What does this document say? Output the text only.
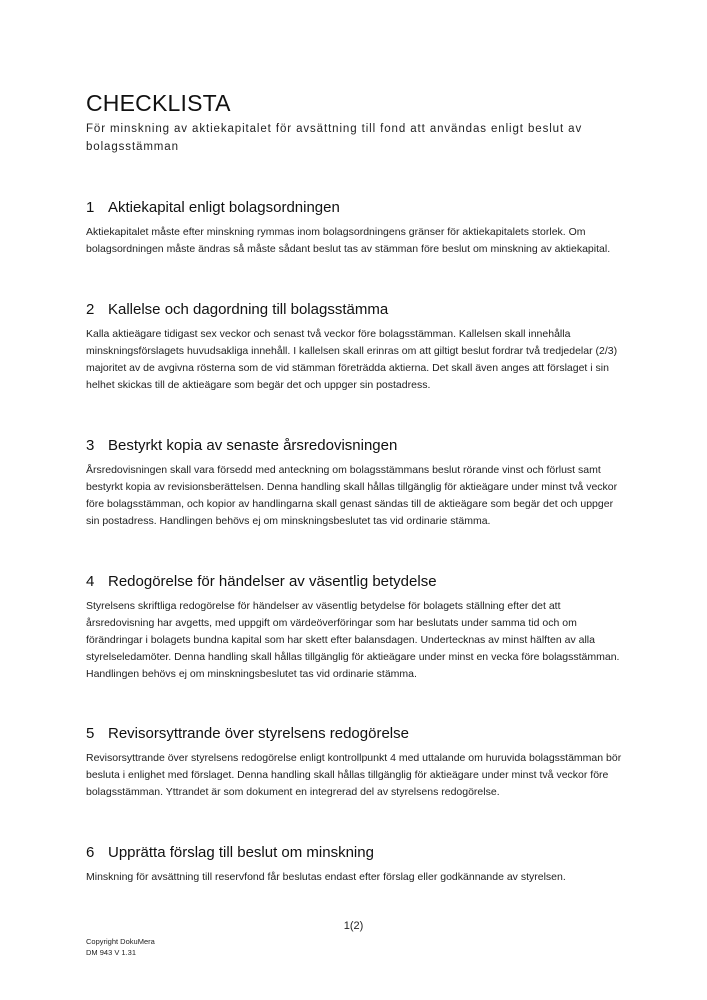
CHECKLISTA

För minskning av aktiekapitalet för avsättning till fond att användas enligt beslut av bolagsstämman

1 Aktiekapital enligt bolagsordningen

Aktiekapitalet måste efter minskning rymmas inom bolagsordningens gränser för aktiekapitalets storlek. Om bolagsordningen måste ändras så måste sådant beslut tas av stämman före beslut om minskning av aktiekapital.

2 Kallelse och dagordning till bolagsstämma

Kalla aktieägare tidigast sex veckor och senast två veckor före bolagsstämman. Kallelsen skall innehålla minskningsförslagets huvudsakliga innehåll. I kallelsen skall erinras om att giltigt beslut fordrar två tredjedelar (2/3) majoritet av de avgivna rösterna som de vid stämman företrädda aktierna. Det skall även anges att förslaget i sin helhet skickas till de aktieägare som begär det och uppger sin postadress.

3 Bestyrkt kopia av senaste årsredovisningen

Årsredovisningen skall vara försedd med anteckning om bolagsstämmans beslut rörande vinst och förlust samt bestyrkt kopia av revisionsberättelsen. Denna handling skall hållas tillgänglig för aktieägare under minst två veckor före bolagsstämman, och kopior av handlingarna skall genast sändas till de aktieägare som begär det och uppger sin postadress. Handlingen behövs ej om minskningsbeslutet tas vid ordinarie stämma.

4 Redogörelse för händelser av väsentlig betydelse

Styrelsens skriftliga redogörelse för händelser av väsentlig betydelse för bolagets ställning efter det att årsredovisning har avgetts, med uppgift om värdeöverföringar som har beslutats under samma tid och om förändringar i bolagets bundna kapital som har skett efter balansdagen. Undertecknas av minst hälften av alla styrelseledamöter. Denna handling skall hållas tillgänglig för aktieägare under minst en vecka före bolagsstämman. Handlingen behövs ej om minskningsbeslutet tas vid ordinarie stämma.

5 Revisorsyttrande över styrelsens redogörelse

Revisorsyttrande över styrelsens redogörelse enligt kontrollpunkt 4 med uttalande om huruvida bolagsstämman bör besluta i enlighet med förslaget. Denna handling skall hållas tillgänglig för aktieägare under minst två veckor före bolagsstämman. Yttrandet är som dokument en integrerad del av styrelsens redogörelse.

6 Upprätta förslag till beslut om minskning

Minskning för avsättning till reservfond får beslutas endast efter förslag eller godkännande av styrelsen.

1(2)
Copyright DokuMera
DM 943 V 1.31
